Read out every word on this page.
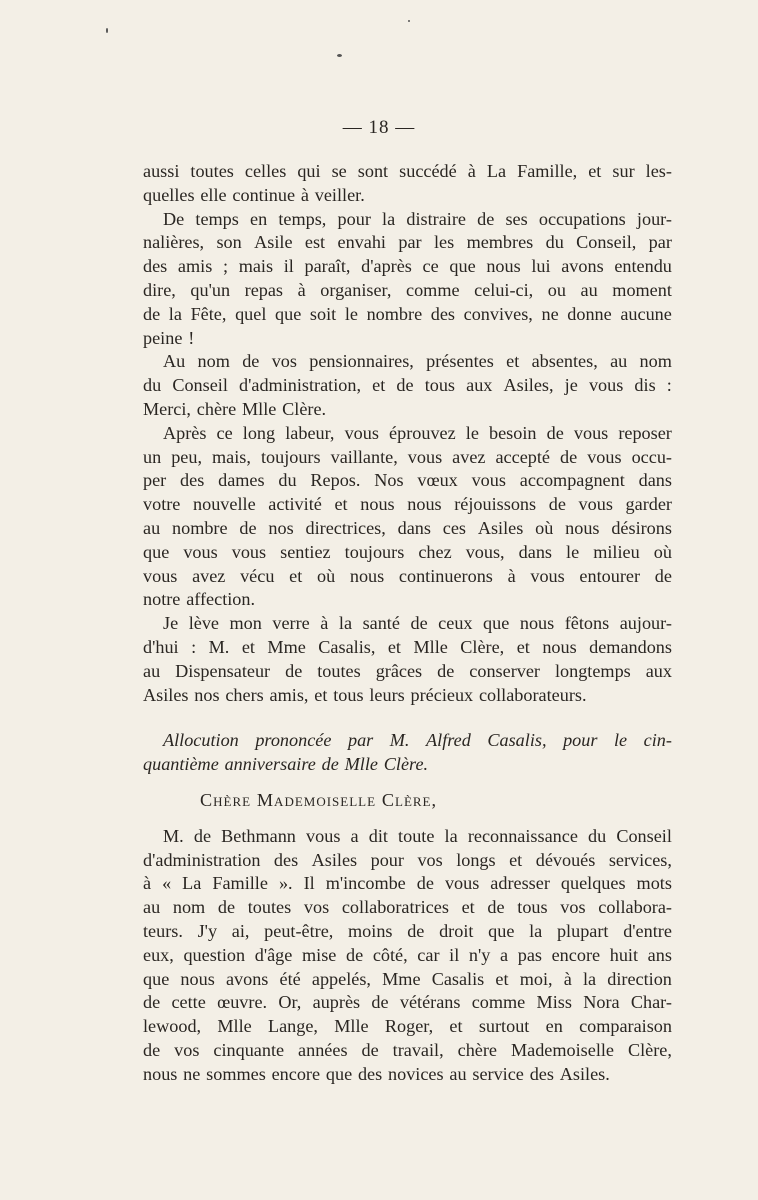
— 18 —
aussi toutes celles qui se sont succédé à La Famille, et sur les-
quelles elle continue à veiller.
De temps en temps, pour la distraire de ses occupations jour-
nalières, son Asile est envahi par les membres du Conseil, par
des amis ; mais il paraît, d'après ce que nous lui avons entendu
dire, qu'un repas à organiser, comme celui-ci, ou au moment
de la Fête, quel que soit le nombre des convives, ne donne aucune
peine !
Au nom de vos pensionnaires, présentes et absentes, au nom
du Conseil d'administration, et de tous aux Asiles, je vous dis :
Merci, chère Mlle Clère.
Après ce long labeur, vous éprouvez le besoin de vous reposer
un peu, mais, toujours vaillante, vous avez accepté de vous occu-
per des dames du Repos. Nos vœux vous accompagnent dans
votre nouvelle activité et nous nous réjouissons de vous garder
au nombre de nos directrices, dans ces Asiles où nous désirons
que vous vous sentiez toujours chez vous, dans le milieu où
vous avez vécu et où nous continuerons à vous entourer de
notre affection.
Je lève mon verre à la santé de ceux que nous fêtons aujour-
d'hui : M. et Mme Casalis, et Mlle Clère, et nous demandons
au Dispensateur de toutes grâces de conserver longtemps aux
Asiles nos chers amis, et tous leurs précieux collaborateurs.
Allocution prononcée par M. Alfred Casalis, pour le cin-
quantième anniversaire de Mlle Clère.
Chère Mademoiselle Clère,
M. de Bethmann vous a dit toute la reconnaissance du Conseil
d'administration des Asiles pour vos longs et dévoués services,
à « La Famille ». Il m'incombe de vous adresser quelques mots
au nom de toutes vos collaboratrices et de tous vos collabora-
teurs. J'y ai, peut-être, moins de droit que la plupart d'entre
eux, question d'âge mise de côté, car il n'y a pas encore huit ans
que nous avons été appelés, Mme Casalis et moi, à la direction
de cette œuvre. Or, auprès de vétérans comme Miss Nora Char-
lewood, Mlle Lange, Mlle Roger, et surtout en comparaison
de vos cinquante années de travail, chère Mademoiselle Clère,
nous ne sommes encore que des novices au service des Asiles.
